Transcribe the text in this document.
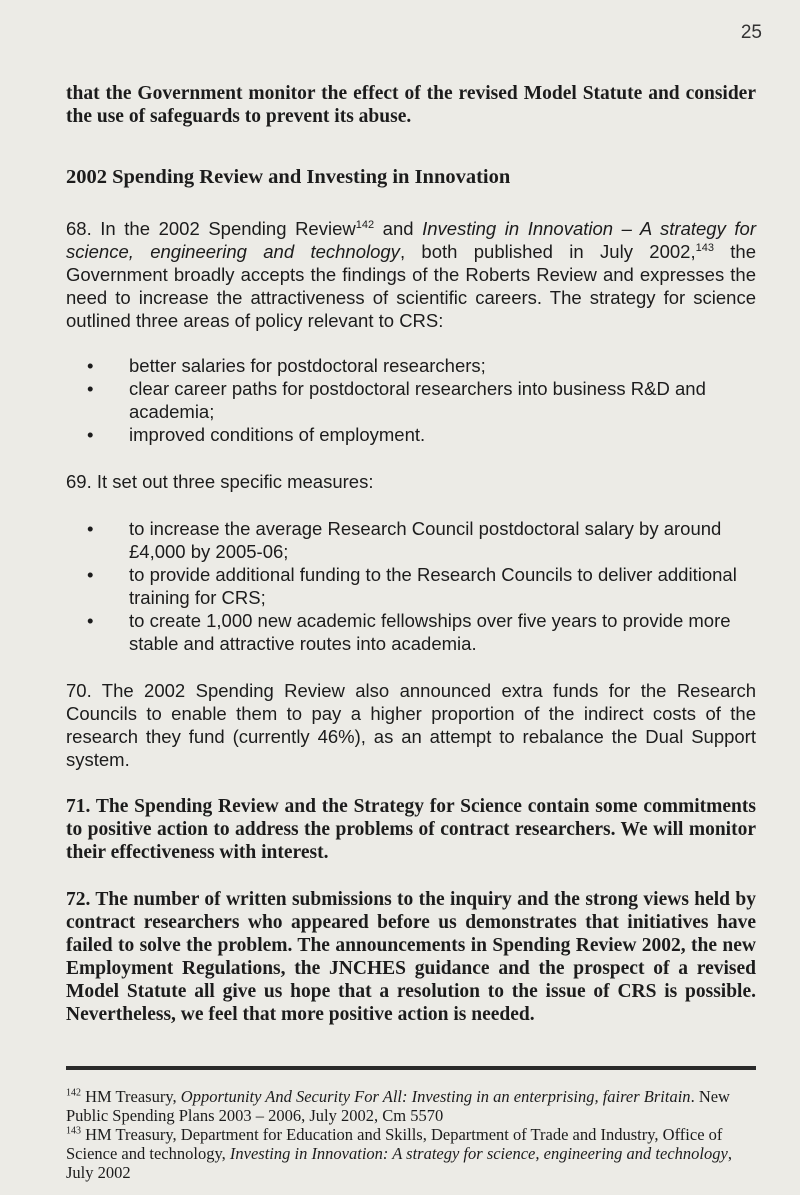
25

that the Government monitor the effect of the revised Model Statute and consider the use of safeguards to prevent its abuse.

2002 Spending Review and Investing in Innovation

68. In the 2002 Spending Review$^{142}$ and Investing in Innovation – A strategy for science, engineering and technology, both published in July 2002,$^{143}$ the Government broadly accepts the findings of the Roberts Review and expresses the need to increase the attractiveness of scientific careers. The strategy for science outlined three areas of policy relevant to CRS:

• better salaries for postdoctoral researchers;
• clear career paths for postdoctoral researchers into business R&D and academia;
• improved conditions of employment.

69. It set out three specific measures:

• to increase the average Research Council postdoctoral salary by around £4,000 by 2005-06;
• to provide additional funding to the Research Councils to deliver additional training for CRS;
• to create 1,000 new academic fellowships over five years to provide more stable and attractive routes into academia.

70. The 2002 Spending Review also announced extra funds for the Research Councils to enable them to pay a higher proportion of the indirect costs of the research they fund (currently 46%), as an attempt to rebalance the Dual Support system.

71. The Spending Review and the Strategy for Science contain some commitments to positive action to address the problems of contract researchers. We will monitor their effectiveness with interest.

72. The number of written submissions to the inquiry and the strong views held by contract researchers who appeared before us demonstrates that initiatives have failed to solve the problem. The announcements in Spending Review 2002, the new Employment Regulations, the JNCHES guidance and the prospect of a revised Model Statute all give us hope that a resolution to the issue of CRS is possible. Nevertheless, we feel that more positive action is needed.

$^{142}$ HM Treasury, Opportunity And Security For All: Investing in an enterprising, fairer Britain. New Public Spending Plans 2003 – 2006, July 2002, Cm 5570

$^{143}$ HM Treasury, Department for Education and Skills, Department of Trade and Industry, Office of Science and technology, Investing in Innovation: A strategy for science, engineering and technology, July 2002
